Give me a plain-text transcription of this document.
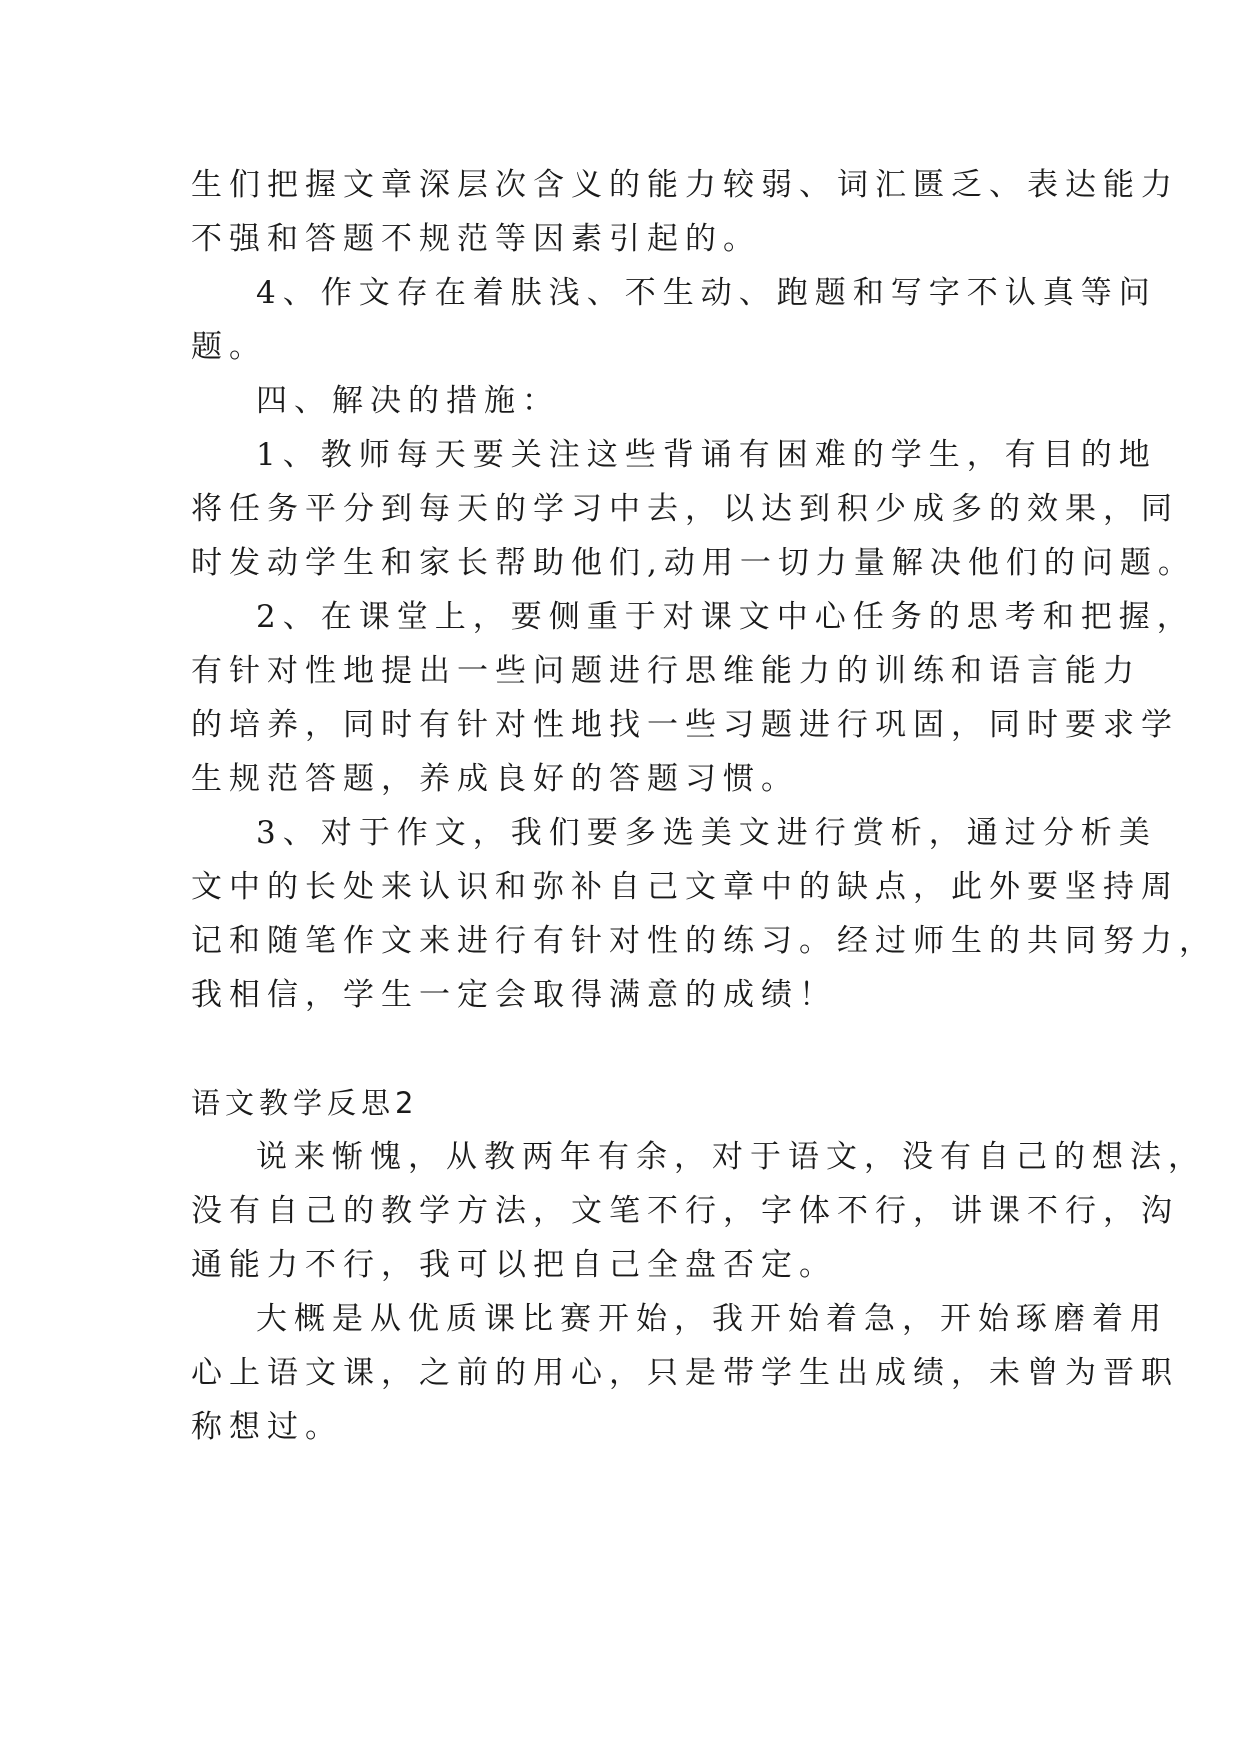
生们把握文章深层次含义的能力较弱、词汇匮乏、表达能力
不强和答题不规范等因素引起的。
4、作文存在着肤浅、不生动、跑题和写字不认真等问
题。
四、解决的措施：
1、教师每天要关注这些背诵有困难的学生，有目的地
将任务平分到每天的学习中去，以达到积少成多的效果，同
时发动学生和家长帮助他们,动用一切力量解决他们的问题。
2、在课堂上，要侧重于对课文中心任务的思考和把握，
有针对性地提出一些问题进行思维能力的训练和语言能力
的培养，同时有针对性地找一些习题进行巩固，同时要求学
生规范答题，养成良好的答题习惯。
3、对于作文，我们要多选美文进行赏析，通过分析美
文中的长处来认识和弥补自己文章中的缺点，此外要坚持周
记和随笔作文来进行有针对性的练习。经过师生的共同努力，
我相信，学生一定会取得满意的成绩！
语文教学反思2
说来惭愧，从教两年有余，对于语文，没有自己的想法，
没有自己的教学方法，文笔不行，字体不行，讲课不行，沟
通能力不行，我可以把自己全盘否定。
大概是从优质课比赛开始，我开始着急，开始琢磨着用
心上语文课，之前的用心，只是带学生出成绩，未曾为晋职
称想过。
